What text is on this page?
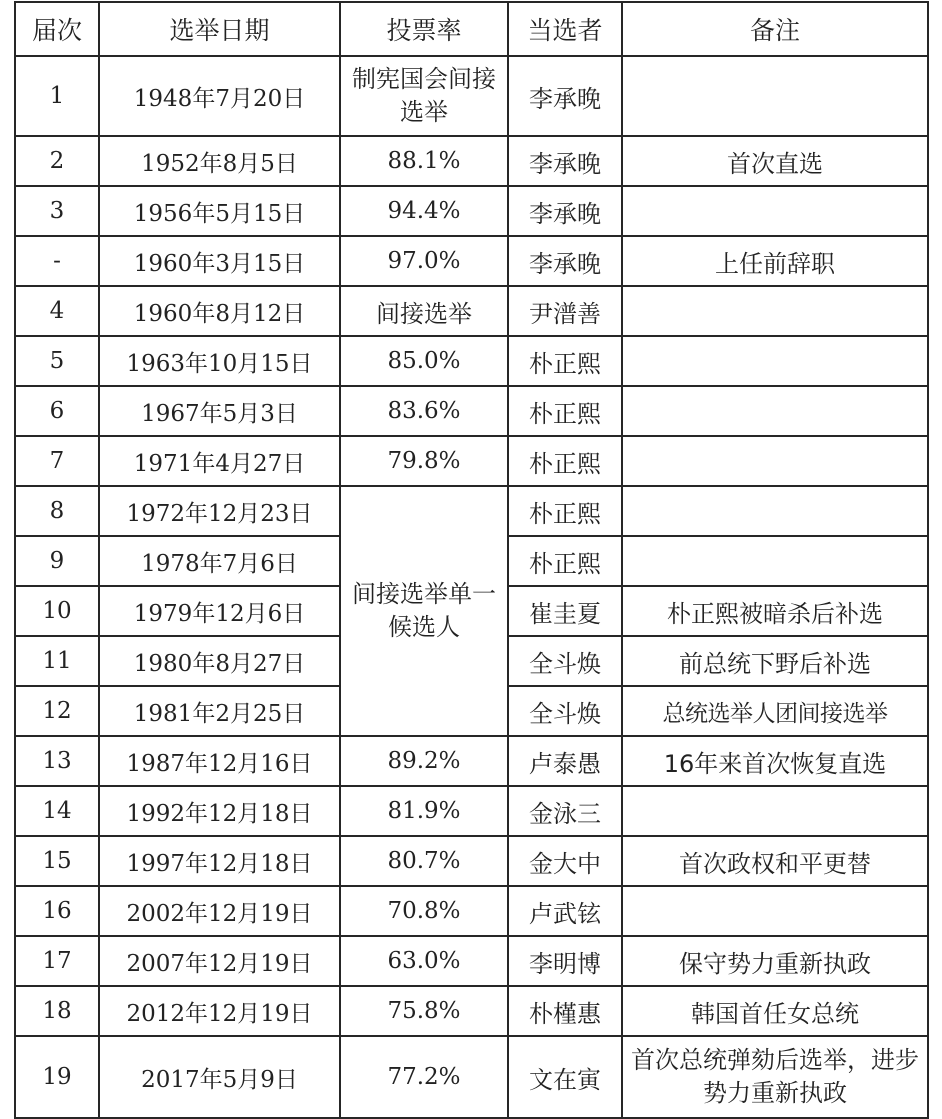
届次	选举日期	投票率	当选者	备注
1	1948年7月20日	制宪国会间接选举	李承晚	
2	1952年8月5日	88.1%	李承晚	首次直选
3	1956年5月15日	94.4%	李承晚	
-	1960年3月15日	97.0%	李承晚	上任前辞职
4	1960年8月12日	间接选举	尹潽善	
5	1963年10月15日	85.0%	朴正熙	
6	1967年5月3日	83.6%	朴正熙	
7	1971年4月27日	79.8%	朴正熙	
8	1972年12月23日	间接选举单一候选人	朴正熙	
9	1978年7月6日		朴正熙	
10	1979年12月6日		崔圭夏	朴正熙被暗杀后补选
11	1980年8月27日		全斗焕	前总统下野后补选
12	1981年2月25日		全斗焕	总统选举人团间接选举
13	1987年12月16日	89.2%	卢泰愚	16年来首次恢复直选
14	1992年12月18日	81.9%	金泳三	
15	1997年12月18日	80.7%	金大中	首次政权和平更替
16	2002年12月19日	70.8%	卢武铉	
17	2007年12月19日	63.0%	李明博	保守势力重新执政
18	2012年12月19日	75.8%	朴槿惠	韩国首任女总统
19	2017年5月9日	77.2%	文在寅	首次总统弹劾后选举，进步势力重新执政
